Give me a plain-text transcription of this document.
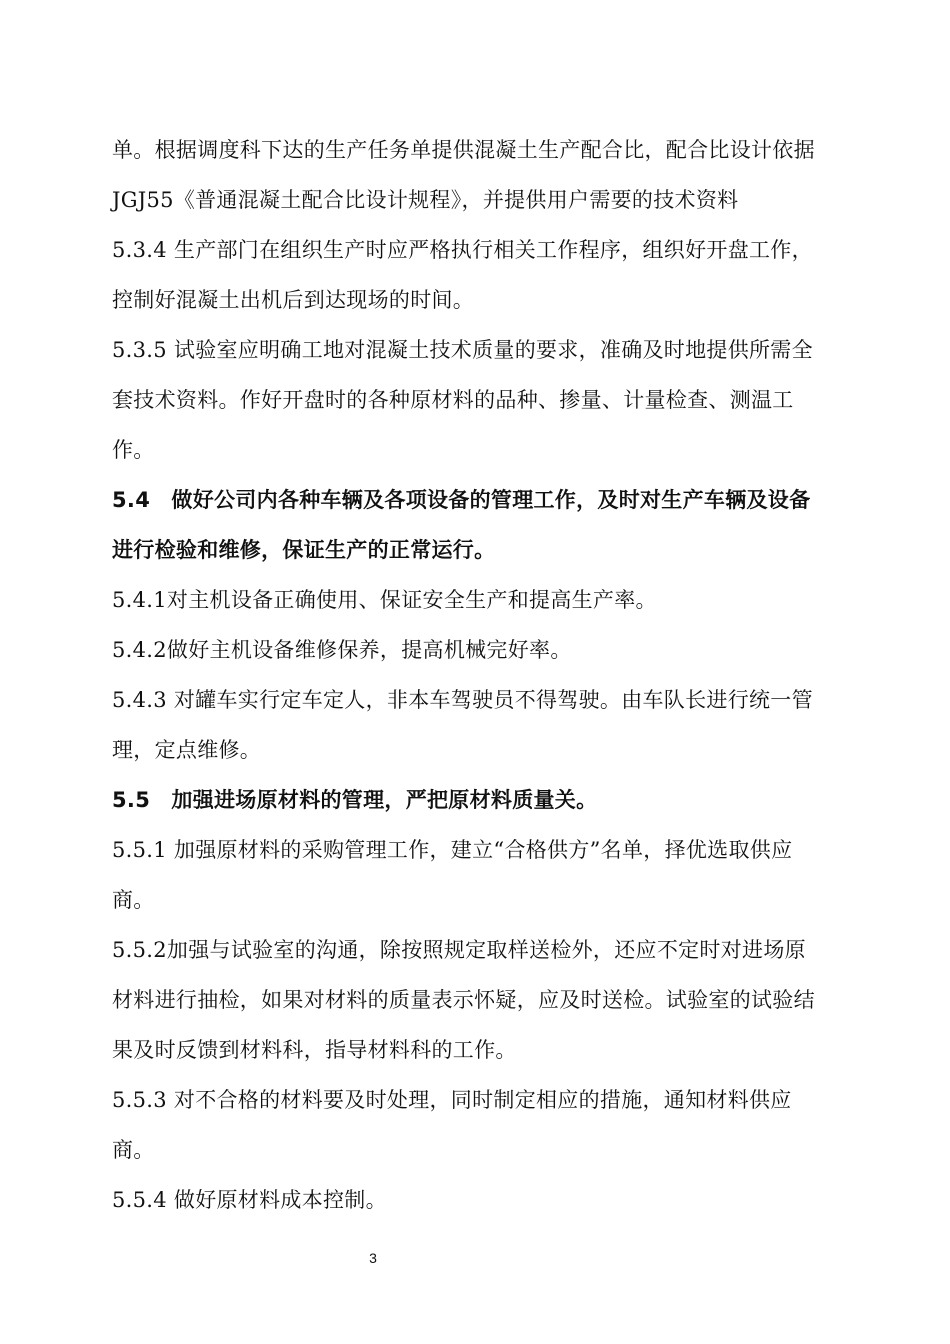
单。根据调度科下达的生产任务单提供混凝土生产配合比，配合比设计依据
JGJ55《普通混凝土配合比设计规程》，并提供用户需要的技术资料
5.3.4 生产部门在组织生产时应严格执行相关工作程序，组织好开盘工作，
控制好混凝土出机后到达现场的时间。
5.3.5 试验室应明确工地对混凝土技术质量的要求，准确及时地提供所需全
套技术资料。作好开盘时的各种原材料的品种、掺量、计量检查、测温工
作。
5.4　做好公司内各种车辆及各项设备的管理工作，及时对生产车辆及设备
进行检验和维修，保证生产的正常运行。
5.4.1对主机设备正确使用、保证安全生产和提高生产率。
5.4.2做好主机设备维修保养，提高机械完好率。
5.4.3 对罐车实行定车定人，非本车驾驶员不得驾驶。由车队长进行统一管
理，定点维修。
5.5　加强进场原材料的管理，严把原材料质量关。
5.5.1 加强原材料的采购管理工作，建立“合格供方”名单，择优选取供应
商。
5.5.2加强与试验室的沟通，除按照规定取样送检外，还应不定时对进场原
材料进行抽检，如果对材料的质量表示怀疑，应及时送检。试验室的试验结
果及时反馈到材料科，指导材料科的工作。
5.5.3 对不合格的材料要及时处理，同时制定相应的措施，通知材料供应
商。
5.5.4 做好原材料成本控制。
3
